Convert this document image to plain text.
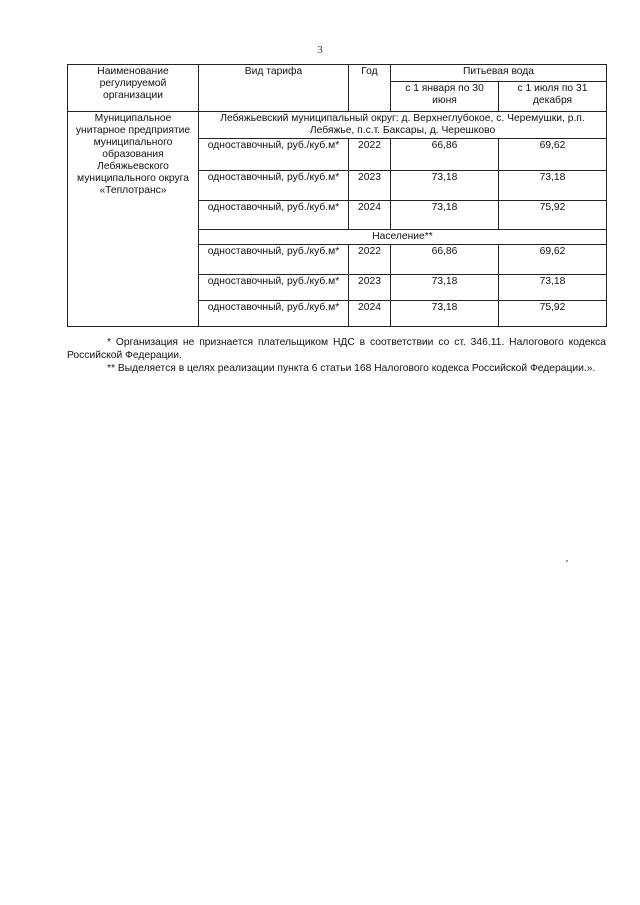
3
Наименование регулируемой организации	Вид тарифа	Год	Питьевая вода	
			с 1 января по 30 июня	с 1 июля по 31 декабря
Муниципальное унитарное предприятие муниципального образования Лебяжьевского муниципального округа «Теплотранс»	Лебяжьевский муниципальный округ: д. Верхнеглубокое, с. Черемушки, р.п. Лебяжье, п.с.т. Баксары, д. Черешково			
	одноставочный, руб./куб.м*	2022	66,86	69,62
	одноставочный, руб./куб.м*	2023	73,18	73,18
	одноставочный, руб./куб.м*	2024	73,18	75,92
	Население**			
	одноставочный, руб./куб.м*	2022	66,86	69,62
	одноставочный, руб./куб.м*	2023	73,18	73,18
	одноставочный, руб./куб.м*	2024	73,18	75,92

* Организация не признается плательщиком НДС в соответствии со ст. 346.11. Налогового кодекса Российской Федерации.

** Выделяется в целях реализации пункта 6 статьи 168 Налогового кодекса Российской Федерации.».
